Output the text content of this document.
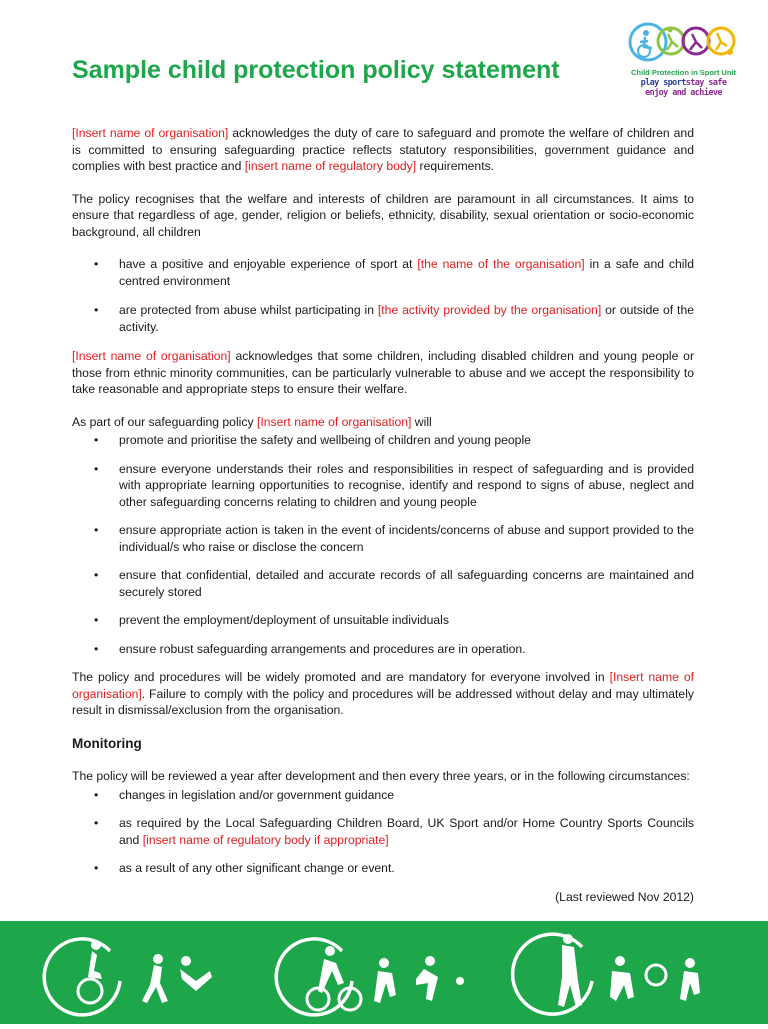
Sample child protection policy statement	Child Protection in Sport Unit
play sportstay safe
enjoy and achieve

[Insert name of organisation] acknowledges the duty of care to safeguard and promote the welfare of children and is committed to ensuring safeguarding practice reflects statutory responsibilities, government guidance and complies with best practice and [insert name of regulatory body] requirements.

The policy recognises that the welfare and interests of children are paramount in all circumstances. It aims to ensure that regardless of age, gender, religion or beliefs, ethnicity, disability, sexual orientation or socio-economic background, all children

• have a positive and enjoyable experience of sport at [the name of the organisation] in a safe and child centred environment
• are protected from abuse whilst participating in [the activity provided by the organisation] or outside of the activity.

[Insert name of organisation] acknowledges that some children, including disabled children and young people or those from ethnic minority communities, can be particularly vulnerable to abuse and we accept the responsibility to take reasonable and appropriate steps to ensure their welfare.

As part of our safeguarding policy [Insert name of organisation] will

• promote and prioritise the safety and wellbeing of children and young people
• ensure everyone understands their roles and responsibilities in respect of safeguarding and is provided with appropriate learning opportunities to recognise, identify and respond to signs of abuse, neglect and other safeguarding concerns relating to children and young people
• ensure appropriate action is taken in the event of incidents/concerns of abuse and support provided to the individual/s who raise or disclose the concern
• ensure that confidential, detailed and accurate records of all safeguarding concerns are maintained and securely stored
• prevent the employment/deployment of unsuitable individuals
• ensure robust safeguarding arrangements and procedures are in operation.

The policy and procedures will be widely promoted and are mandatory for everyone involved in [Insert name of organisation]. Failure to comply with the policy and procedures will be addressed without delay and may ultimately result in dismissal/exclusion from the organisation.

Monitoring

The policy will be reviewed a year after development and then every three years, or in the following circumstances:

• changes in legislation and/or government guidance
• as required by the Local Safeguarding Children Board, UK Sport and/or Home Country Sports Councils and [insert name of regulatory body if appropriate]
• as a result of any other significant change or event.

(Last reviewed Nov 2012)
